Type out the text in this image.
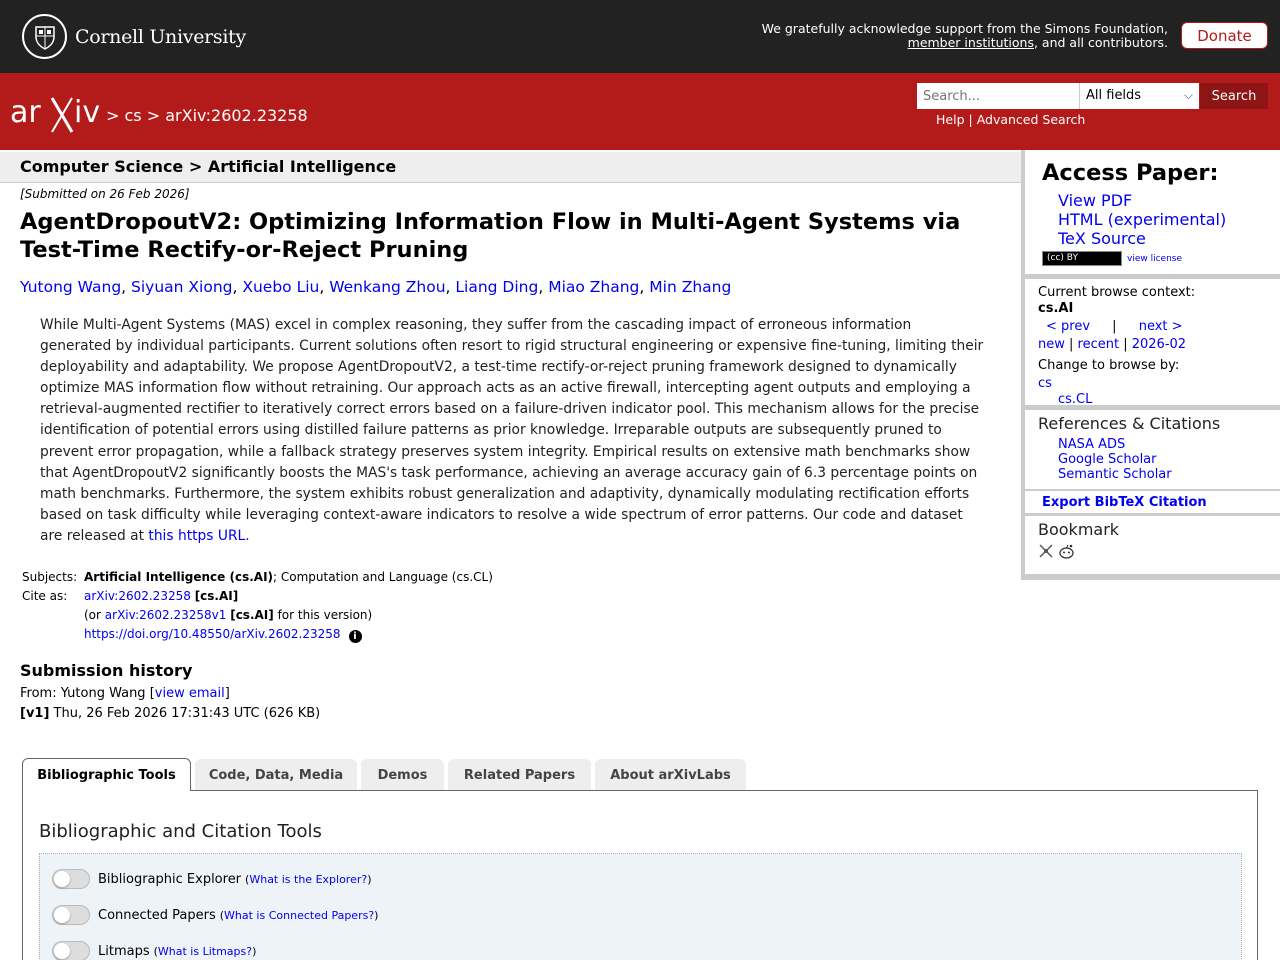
Cornell University	We gratefully acknowledge support from the Simons Foundation,
member institutions, and all contributors.	Donate
ar iv > cs > arXiv:2602.23258
Search...
All fields	⌵	Search
Help | Advanced Search
Computer Science > Artificial Intelligence
[Submitted on 26 Feb 2026]
AgentDropoutV2: Optimizing Information Flow in Multi-Agent Systems via Test-Time Rectify-or-Reject Pruning
Yutong Wang, Siyuan Xiong, Xuebo Liu, Wenkang Zhou, Liang Ding, Miao Zhang, Min Zhang
While Multi-Agent Systems (MAS) excel in complex reasoning, they suffer from the cascading impact of erroneous information generated by individual participants. Current solutions often resort to rigid structural engineering or expensive fine-tuning, limiting their deployability and adaptability. We propose AgentDropoutV2, a test-time rectify-or-reject pruning framework designed to dynamically optimize MAS information flow without retraining. Our approach acts as an active firewall, intercepting agent outputs and employing a retrieval-augmented rectifier to iteratively correct errors based on a failure-driven indicator pool. This mechanism allows for the precise identification of potential errors using distilled failure patterns as prior knowledge. Irreparable outputs are subsequently pruned to prevent error propagation, while a fallback strategy preserves system integrity. Empirical results on extensive math benchmarks show that AgentDropoutV2 significantly boosts the MAS's task performance, achieving an average accuracy gain of 6.3 percentage points on math benchmarks. Furthermore, the system exhibits robust generalization and adaptivity, dynamically modulating rectification efforts based on task difficulty while leveraging context-aware indicators to resolve a wide spectrum of error patterns. Our code and dataset are released at this https URL.
Subjects: Artificial Intelligence (cs.AI); Computation and Language (cs.CL)
Cite as:	arXiv:2602.23258 [cs.AI]
(or arXiv:2602.23258v1 [cs.AI] for this version)
https://doi.org/10.48550/arXiv.2602.23258 i
Submission history
From: Yutong Wang [view email]
[v1] Thu, 26 Feb 2026 17:31:43 UTC (626 KB)
Access Paper:
View PDF
HTML (experimental)
TeX Source
(cc) BY	view license
Current browse context:
cs.AI
< prev | next >
new | recent | 2026-02
Change to browse by:
cs
cs.CL
References & Citations
NASA ADS
Google Scholar
Semantic Scholar
Export BibTeX Citation
Bookmark
Bibliographic Tools	Code, Data, Media	Demos	Related Papers	About arXivLabs
Bibliographic and Citation Tools
Bibliographic Explorer (What is the Explorer?)
Connected Papers (What is Connected Papers?)
Litmaps (What is Litmaps?)
